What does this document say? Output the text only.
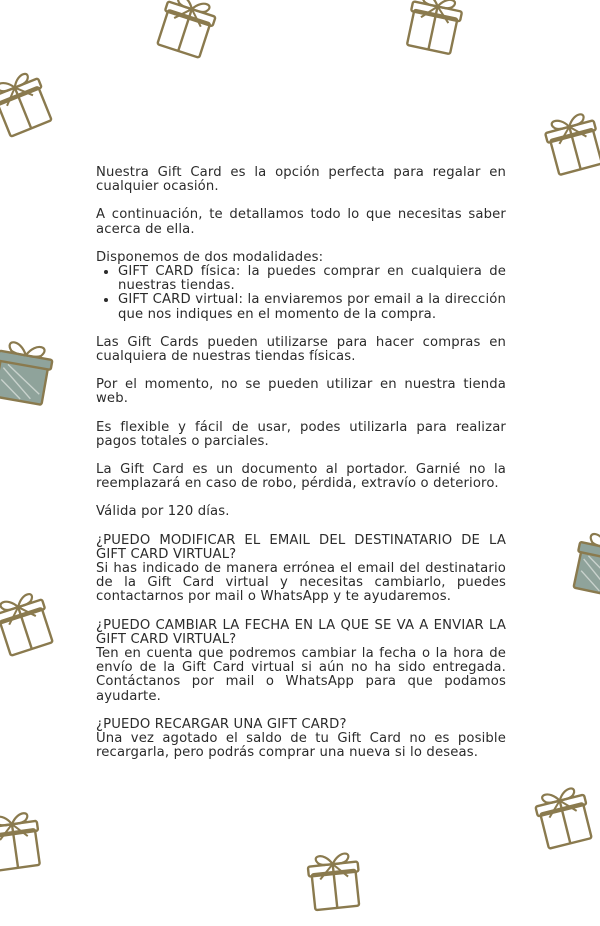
Nuestra Gift Card es la opción perfecta para regalar en cualquier ocasión.

A continuación, te detallamos todo lo que necesitas saber acerca de ella.

Disponemos de dos modalidades:

• GIFT CARD física: la puedes comprar en cualquiera de nuestras tiendas.
• GIFT CARD virtual: la enviaremos por email a la dirección que nos indiques en el momento de la compra.

Las Gift Cards pueden utilizarse para hacer compras en cualquiera de nuestras tiendas físicas.

Por el momento, no se pueden utilizar en nuestra tienda web.

Es flexible y fácil de usar, podes utilizarla para realizar pagos totales o parciales.

La Gift Card es un documento al portador. Garnié no la reemplazará en caso de robo, pérdida, extravío o deterioro.

Válida por 120 días.

¿PUEDO MODIFICAR EL EMAIL DEL DESTINATARIO DE LA GIFT CARD VIRTUAL?

Si has indicado de manera errónea el email del destinatario de la Gift Card virtual y necesitas cambiarlo, puedes contactarnos por mail o WhatsApp y te ayudaremos.

¿PUEDO CAMBIAR LA FECHA EN LA QUE SE VA A ENVIAR LA GIFT CARD VIRTUAL?

Ten en cuenta que podremos cambiar la fecha o la hora de envío de la Gift Card virtual si aún no ha sido entregada. Contáctanos por mail o WhatsApp para que podamos ayudarte.

¿PUEDO RECARGAR UNA GIFT CARD?

Una vez agotado el saldo de tu Gift Card no es posible recargarla, pero podrás comprar una nueva si lo deseas.
